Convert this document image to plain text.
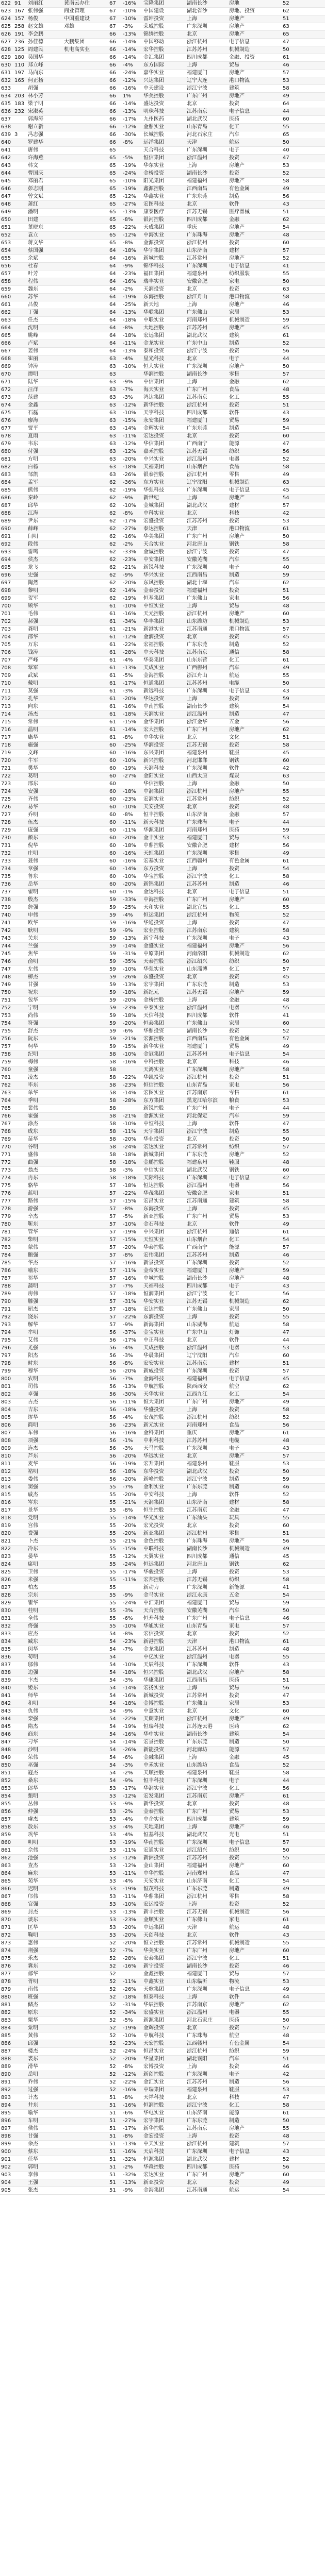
622	91	刘丽红	黄南云办住	67	-16%	宝隆集团	湖南长沙	房地	52
623	167	张伟强	商业管理	67	-10%	中国建设	湖北省沙	房地、投资	62
624	157	杨俊	中国重建设	67	-10%	雷坤投资	上海	房地产	51
625	258	赵文雄	邓雄	67	-3%	荣威控股	广东深圳	房地产	63
626	191	李会鹏		66	-13%	锦绣控股	北京	房地产	65
627	236	孙佳德	大鹏集团	66	-14%	中国移动	浙江杭州	电子信息	47
628	125	周建民	机电高实业	66	-14%	宏华控股	江苏苏州	机械制造	50
629	180	吴国华		66	-14%	金汇集团	四川成都	金融、投资	61
630	110	郑立峰		66	-4%	东方国际	上海	贸易	46
631	197	马向东		66	-24%	嘉华实业	福建厦门	房地产	57
632	165	何正扬		66	-12%	兴达集团	辽宁大连	港口物流	53
633		胡强		66	-16%	中天建设	浙江宁波	建筑	58
634	203	林小芳		66	1%	华美控股	广东广州	房地产	49
635	183	梁子明		66	-14%	盛达投资	北京	投资	64
636	232	宋淑英		66	-13%	明珠科技	江苏南京	电子信息	44
637		郭海涛		66	-17%	九州医药	湖北武汉	医药	60
638		谢立新		66	-12%	金鼎实业	山东青岛	化工	55
639	3	冯志强		66	-30%	长城控股	河北石家庄	汽车	65
640		罗建华		66	-8%	远洋集团	天津	航运	50
641		唐伟		65		天合科技	广东深圳	电子	40
642		许海燕		65	-5%	恒信集团	浙江温州	投资	47
643		韩文		65	-19%	华东实业	上海	房地产	53
644		曹国庆		65	-24%	金桥投资	湖南长沙	投资	52
645		邓丽君		65	-10%	阳光集团	福建福州	房地产	58
646		彭志刚		65	-19%	鑫源控股	江西南昌	有色金属	49
647		曾文斌		65	-12%	华鑫实业	广东东莞	制造	56
648		萧红		65	-27%	宏图科技	北京	软件	43
649		潘明		65	-13%	康泰医疗	江苏无锡	医疗器械	51
650		田建		65	-8%	银河控股	四川成都	金融	62
651		董晓东		65	-22%	天成集团	重庆	房地产	54
652		袁立		65	-12%	中海实业	广东珠海	房地产	48
653		蒋文华		65	-8%	金源投资	浙江杭州	投资	60
654		蔡国强		64	-18%	华宇集团	山东济南	建材	57
655		余斌		64	-16%	新城控股	江苏常州	房地产	52
656		杜春		64	-9%	锦华科技	广东深圳	电子信息	41
657		叶芳		64	-23%	福田集团	福建泉州	纺织服装	55
658		程伟		64	-16%	瑞丰实业	安徽合肥	家电	50
659		魏东		64	-2%	天润投资	北京	投资	63
660		苏华		64	-19%	东海控股	浙江舟山	港口物流	58
661		吕俊		64	-25%	新天地	上海	房地产	46
662		丁强		64	-13%	华联集团	广东佛山	家居	53
663		任杰		64	-18%	中联实业	河南郑州	机械制造	59
664		沈明		64	-8%	大地控股	江苏苏州	房地产	45
665		姚峰		64	-18%	宏远集团	湖北武汉	建筑	61
666		卢斌		64	-11%	金龙实业	广东中山	制造	52
667		姜伟		64	-13%	泰和投资	浙江宁波	投资	56
668		崔丽		63	-4%	星光科技	北京	电子	44
669		钟涛		63	-10%	恒大实业	广东深圳	房地产	50
670		谭明		63		华润控股	湖南长沙	零售	57
671		陆华		63	-9%	中信集团	上海	金融	62
672		汪洋		63	-7%	海天实业	广东广州	食品	48
673		范建		63	-3%	鸿达集团	江苏南京	化工	55
674		金鑫		63	-12%	新华控股	浙江杭州	投资	51
675		石磊		63	-10%	天宇科技	四川成都	软件	43
676		廖海		63	-15%	永安集团	福建厦门	贸易	59
677		贾平		63	-14%	金辉实业	广东东莞	制造	54
678		夏雨		63	-11%	宏达投资	北京	投资	60
679		韦东		63	-12%	华信集团	广西南宁	能源	47
680		付强		63	-12%	嘉禾控股	江苏无锡	纺织	56
681		方明		63	-20%	中兴实业	浙江温州	电器	52
682		白杨		63	-18%	天福集团	山东烟台	食品	58
683		邹凯		63	-26%	银泰控股	浙江杭州	零售	49
684		孟军		62	-36%	东方实业	辽宁沈阳	机械制造	63
685		熊伟		62	-19%	华强科技	广东深圳	电子信息	45
686		秦岭		62	-9%	新世纪	上海	房地产	54
687		邱华		62	-10%	金城集团	湖北武汉	建材	57
688		江海		62	-8%	中科实业	北京	科技	42
689		尹东		62	-17%	宏盛投资	江苏苏州	投资	53
690		薛峰		62	-27%	泰达控股	天津	港口物流	61
691		闫明		62	-16%	华美集团	广东广州	房地产	50
692		段伟		62	-2%	天合实业	河北唐山	钢铁	58
693		雷鸣		62	-33%	金诚控股	浙江宁波	投资	47
694		侯杰		62	-23%	中安集团	安徽芜湖	汽车	55
695		龙飞		62	-21%	新锐科技	广东深圳	电子	40
696		史强		62	-9%	华兴实业	江西南昌	制造	59
697		陶然		62	-20%	东风控股	湖北十堰	汽车	62
698		黎明		62	-14%	金泰投资	福建福州	投资	51
699		贺军		62	-19%	恒基集团	广东佛山	家电	56
700		顾华		61	-10%	中恒实业	上海	贸易	48
701		毛伟		61	-16%	天元控股	浙江杭州	房地产	60
702		郝强		61	-34%	华丰集团	山东潍坊	机械制造	53
703		龚明		61	-21%	新港实业	江苏南通	港口物流	57
704		邵华		61	-12%	金润投资	北京	投资	45
705		万东		61	-22%	宏福控股	广东东莞	制造	52
706		钱涛		61	-28%	中天科技	江苏南京	通信	58
707		严峰		61	-4%	华泰集团	山东东营	化工	61
708		覃军		61	-13%	天成实业	广西柳州	汽车	49
709		武斌		61	-5%	金海控股	浙江舟山	航运	55
710		戴明		61	-17%	恒通集团	江苏苏州	电缆	50
711		莫强		61	-3%	新远科技	广东深圳	电子信息	43
712		孔华		61	-20%	华达投资	上海	投资	59
713		向东		61	-16%	中南控股	湖南长沙	建筑	54
714		汤杰		61	-18%	天润实业	浙江温州	制造	47
715		常伟		61	-15%	金华集团	浙江金华	五金	56
716		温明		61	-14%	宏大控股	广东广州	房地产	62
717		康华		61	-8%	中华实业	北京	文化	51
718		施强		60	-25%	华润投资	江苏无锡	投资	58
719		文峰		60	-16%	东兴集团	福建泉州	鞋服	45
720		牛军		60	-10%	新兴控股	河北邯郸	钢铁	60
721		樊华		60	-19%	天润科技	广东深圳	软件	42
722		葛明		60	-27%	金阳实业	山西太原	煤炭	63
723		邢东		60		华信控股	上海	金融	50
724		安强		60	-18%	中润集团	浙江杭州	房地产	55
725		齐伟		60	-23%	宏润实业	江苏常州	纺织	52
726		易华		60	-10%	天安投资	北京	投资	48
727		乔明		60	-8%	恒丰控股	山东济南	金融	57
728		伍杰		60	-11%	新天科技	广东珠海	电子	44
729		庞强		60	-11%	华源集团	河南郑州	医药	59
730		颜东		60	-20%	金丰实业	福建厦门	贸易	53
731		倪华		60	-18%	中鼎控股	安徽合肥	建材	56
732		庄明		60	-16%	天虹集团	广东深圳	零售	49
733		聂伟		60	-16%	宏基实业	江西赣州	有色金属	61
734		章强		60	-14%	东方投资	上海	投资	54
735		鲁东		60	-10%	华宝控股	浙江宁波	化工	58
736		岳华		60	-20%	新锦集团	江苏苏州	制造	46
737		翟明		60	-1%	金达科技	北京	电子信息	51
738		殷杰		59	-33%	中海控股	广东广州	房地产	60
739		詹强		59	-25%	天和实业	湖北宜昌	化工	55
740		申伟		59	-4%	恒运集团	浙江杭州	物流	52
741		欧华		59	-16%	华通投资	上海	投资	47
742		耿明		59	-9%	宏业控股	江苏南京	建筑	58
743		关东		59	-13%	新宇科技	广东深圳	电子	43
744		兰强		59	-14%	金盛实业	福建福州	房地产	56
745		焦华		59	-31%	中原集团	河南洛阳	机械制造	62
746		俞明		59	-35%	天泰控股	浙江绍兴	纺织	50
747		左伟		59	-10%	华强实业	山东淄博	化工	57
748		柳杰		59	-26%	东盛投资	北京	投资	45
749		甘强		59	-13%	宏宇集团	广东东莞	制造	53
750		祝东		59	-18%	新纪元	江苏无锡	房地产	59
751		包华		59	-20%	金桥控股	上海	金融	48
752		宁明		59	-23%	中泰实业	浙江温州	电器	55
753		尚伟		59	-18%	天信科技	四川成都	软件	41
754		符强		59	-20%	恒泰集团	广东佛山	家居	60
755		舒杰		59	-6%	华鼎投资	湖南长沙	投资	52
756		阮东		59	-21%	宏源控股	江西南昌	有色金属	57
757		柯华		59	-15%	新华实业	福建厦门	贸易	49
758		纪明		58	-10%	金冠集团	江苏苏州	电子信息	54
759		梅伟		58	-16%	中科控股	北京	科技	46
760		童强		58		天鸿实业	广东深圳	房地产	58
761		凌杰		58	-22%	华凯投资	浙江杭州	投资	51
762		毕东		58	-23%	恒信控股	山东青岛	家电	56
763		单华		58	-14%	宏图实业	江苏南京	零售	61
764		季明		58	-28%	东方集团	黑龙江哈尔滨	粮食	53
765		裴伟		58		新锐控股	广东广州	电子	44
766		霍强		58	-21%	金源实业	河北保定	汽车	59
767		涂杰		58	-10%	中恒科技	上海	软件	47
768		成东		58	-11%	天宇集团	浙江宁波	制造	55
769		苗华		58	-20%	华业投资	北京	投资	50
770		谷明		58	-24%	宏达实业	江苏常州	纺织	57
771		盛伟		58	-18%	新城集团	广东东莞	房地产	52
772		曲强		58	-18%	金鹏控股	福建泉州	鞋服	48
773		翁杰		58	-3%	中信实业	湖北武汉	钢铁	60
774		冉东		58	-18%	天际科技	广东深圳	电子信息	42
775		骆华		57	-18%	恒达控股	浙江温州	电器	56
776		蓝明		57	-22%	华茂集团	安徽合肥	家电	51
777		路伟		57	-15%	宏昌实业	江苏南通	建筑	58
778		游强		57	-8%	东海投资	上海	投资	45
779		辛杰		57	-5%	新亚控股	广东广州	贸易	53
780		靳东		57	-10%	金石科技	北京	软件	49
781		管华		57	-19%	中兴集团	浙江杭州	通信	61
782		柴明		57	-15%	天恒实业	山东烟台	化工	54
783		蒙伟		57	-20%	华泰控股	广西南宁	能源	57
784		鲍强		57	-8%	宏伟集团	江苏苏州	制造	46
785		华杰		57	-16%	新景投资	广东深圳	投资	52
786		喻东		57	-11%	金帝实业	福建厦门	房地产	59
787		祁华		57	-16%	中城控股	湖南长沙	房地产	48
788		蒲明		57	-7%	天福科技	四川成都	电子	43
789		房伟		57	-18%	恒润集团	浙江宁波	化工	56
790		滕强		57	-31%	华安实业	江苏无锡	机械制造	62
791		屈杰		57	-18%	宏达控股	广东佛山	家居	50
792		饶东		57	-22%	东润投资	上海	投资	55
793		解华		57	-9%	新海集团	山东威海	航运	58
794		牟明		56	-37%	金宝实业	广东中山	灯饰	47
795		艾伟		56	-17%	中正科技	北京	软件	44
796		尤强		56	-4%	天成控股	浙江温州	电器	53
797		阳杰		56	-3%	华晨集团	辽宁沈阳	汽车	60
798		时东		56	-8%	宏安实业	江苏南京	建材	51
799		穆华		56	-20%	新威投资	广东深圳	投资	57
800		农明		56	-7%	金海科技	福建福州	电子信息	45
801		司伟		56	-13%	中航控股	陕西西安	航空	62
802		卓强		56	-30%	天华实业	江西九江	化工	54
803		古杰		56	-11%	恒大集团	广东广州	房地产	49
804		吉东		56	-18%	华盛投资	上海	投资	58
805		缪华		56	-4%	宏茂控股	浙江杭州	纺织	52
806		简明		56	-23%	新元实业	河南郑州	食品	56
807		车伟		56	-16%	金科集团	重庆	房地产	61
808		项强		56	-1%	中利科技	江苏苏州	电缆	48
809		连杰		56	-3%	天马控股	广东深圳	电子	43
810		芦东		56	-20%	华远实业	北京	房地产	57
811		麦华		56	-19%	宏升集团	福建泉州	鞋服	53
812		褚明		56	-18%	东华投资	湖北武汉	投资	50
813		娄伟		56	-20%	新峰控股	浙江宁波	制造	59
814		窦强		55	-7%	金利实业	广东东莞	制造	46
815		戚杰		55	-20%	中安科技	上海	软件	52
816		岑东		55	-21%	天润集团	山东济南	建材	58
817		景华		55	-8%	恒生控股	江苏南京	金融	47
818		党明		55	-14%	华光实业	广东汕头	玩具	55
819		宫伟		55	-20%	宏光投资	北京	投资	60
820		费强		55	-20%	新亚集团	浙江杭州	零售	51
821		卜杰		55	-21%	金色控股	广东珠海	房地产	56
822		冷东		55	-15%	中联科技	湖南长沙	机械制造	49
823		晏华		55	-12%	天翼实业	四川成都	通信	45
824		席明		55	-24%	恒远集团	河北唐山	钢铁	62
825		卫伟		55	-17%	华骏投资	上海	投资	53
826		米强		55	-11%	宏邦控股	江苏无锡	纺织	58
827		柏杰		55		新动力	广东深圳	新能源	41
828		宗东		55	-9%	金马实业	浙江永康	五金	54
829		瞿华		55	-24%	中汇集团	福建厦门	贸易	59
830		桂明		55	-3%	天合控股	安徽芜湖	汽车	50
831		全伟		55	-6%	恒升科技	广东广州	电子信息	46
832		佟强		55	-10%	华旭实业	山东青岛	家电	57
833		应杰		54	-8%	宏信投资	北京	投资	52
834		臧东		54	-23%	新港控股	天津	港口物流	61
835		闵华		54	-7%	金龙集团	江苏苏州	制造	48
836		苟明		54		中亿实业	浙江温州	电器	55
837		邬伟		54	-10%	天辰科技	广东深圳	软件	43
838		边强		54	-18%	恒兴控股	湖北武汉	房地产	58
839		卞杰		54	-3%	华康集团	江西南昌	医药	51
840		姬东		54	-14%	宏扬实业	上海	贸易	56
841		师华		54	-16%	新城投资	江苏常州	投资	47
842		和明		54	-18%	金博控股	广东佛山	家居	53
843		仇伟		54	-9%	中意实业	北京	文化	60
844		栾强		54	-22%	天朗集团	浙江杭州	房地产	49
845		隋杰		54	-19%	恒瑞科技	江苏连云港	医药	62
846		商东		54	-16%	华中实业	湖南长沙	建筑	54
847		刁华		54	-14%	宏景控股	广东东莞	制造	50
848		沙明		54	-26%	新能投资	河北廊坊	能源	57
849		荣伟		54	-6%	金融集团	上海	金融	45
850		巫强		54	-3%	中禾实业	山东潍坊	食品	52
851		寇杰		54	-2%	天顺控股	福建泉州	鞋服	58
852		桑东		54	-9%	恒丰科技	广东深圳	电子	44
853		郎华		53	-17%	华润实业	浙江宁波	化工	56
854		甄明		53	-12%	宏发集团	江苏南京	房地产	61
855		丛伟		53	-9%	新华投资	北京	投资	48
856		仲强		53	-2%	金泰控股	广东广州	贸易	53
857		虞杰		53	-4%	中企实业	四川成都	建筑	59
858		敖东		53	-4%	天地集团	上海	房地产	46
859		巩华		53	-4%	恒基科技	湖北武汉	光电	51
860		明明		53	-19%	华南控股	广东深圳	电子信息	57
861		佘伟		53	-11%	宏通实业	浙江绍兴	纺织	50
862		池强		53	-12%	新洲投资	江苏苏州	投资	55
863		查杰		53	-12%	金山集团	福建福州	房地产	60
864		麻东		53	-11%	中华控股	河南郑州	食品	47
865		苑华		53	-4%	天安实业	山东济南	化工	54
866		迟明		53	-19%	恒茂科技	广东东莞	制造	49
867		邝伟		53	-11%	华鼎集团	浙江杭州	零售	58
868		官强		53	-10%	宏运投资	上海	投资	52
869		封杰		53	-13%	新丰控股	江苏无锡	机械制造	56
870		谈东		53	-23%	金顺实业	广东佛山	家电	61
871		匡华		53	-20%	中远集团	天津	航运	48
872		鞠明		53	-20%	天创科技	北京	软件	43
873		惠伟		52	-20%	恒立控股	江苏常州	机械制造	55
874		荆强		52	-7%	华美实业	广东广州	房地产	60
875		乐杰		52	-28%	宏泰集团	浙江宁波	化工	51
876		冀东		52	-16%	新宁投资	湖南长沙	投资	46
877		郁华		52		金鑫控股	福建厦门	贸易	57
878		胥明		52	-11%	中鑫实业	山东临沂	物流	53
879		南伟		52	-26%	天歌集团	广东深圳	电子信息	49
880		班强		52	-18%	恒泰科技	上海	软件	44
881		储杰		52	-31%	华辰控股	江苏南京	房地产	62
882		原东		52	-34%	宏盛实业	浙江温州	电器	55
883		栗华		52	-5%	新源集团	河北石家庄	医药	50
884		粟明		52	-19%	金辉投资	北京	投资	57
885		黄伟		52	-10%	中航科技	广东珠海	航空	48
886		邱强		52	-23%	天宏控股	江西赣州	有色金属	54
887		楼杰		52	-24%	恒昌实业	浙江杭州	纺织	59
888		裘东		52	-20%	华星集团	湖北襄阳	汽车	51
889		滑华		52	-8%	宏博投资	上海	投资	46
890		岳明		52	-12%	新创控股	广东深圳	电子	42
891		乔伟		52	-22%	金汇实业	江苏苏州	制造	56
892		过强		52	-16%	中瑞集团	福建泉州	鞋服	53
893		计杰		51	-8%	天祥科技	北京	科技	47
894		井东		51	-16%	恒润控股	浙江宁波	化工	58
895		喻华		51	-6%	华电实业	山东济南	能源	61
896		车明		51	-27%	宏宇集团	广东东莞	制造	50
897		侯伟		51	-17%	新华控股	江苏南京	房地产	55
898		甘强		51	-8%	金宏投资	上海	投资	48
899		余杰		51	-13%	中天实业	浙江杭州	建筑	57
900		蔡东		51	-16%	天启科技	广东深圳	电子信息	43
901		任华		51	-32%	恒源集团	湖北武汉	建材	52
902		郭明		51	-2%	华森控股	四川成都	医药	56
903		李伟		51	-32%	宏达实业	广东广州	房地产	60
904		王强		51	-13%	新亚投资	北京	投资	49
905		张杰		51	-9%	金海集团	江苏南通	航运	54
